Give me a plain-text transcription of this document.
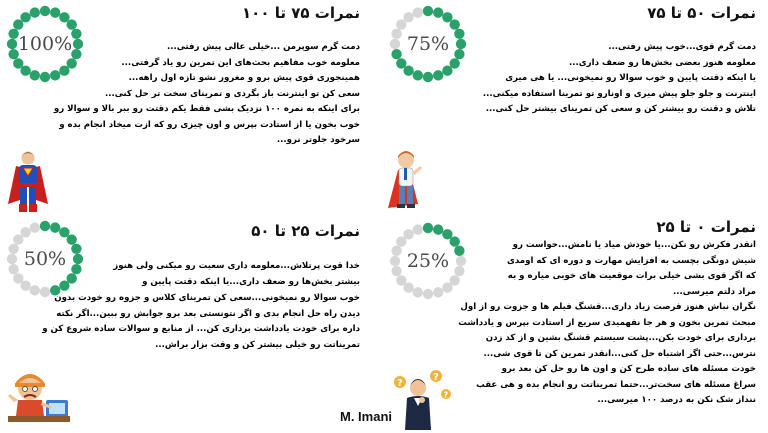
نمرات ۵۰ تا ۷۵
75%	دمت گرم قوی...خوب پیش رفتی...

معلومه هنوز بعضی بخش‌ها رو ضعف داری...

یا اینکه دقتت پایین و خوب سوالا رو نمیخونی... یا هی میری

اینترنت و جلو جلو پیش میری و اونارو تو تمرینا استفاده میکنی...

تلاش و دقتت رو بیشتر کن و سعی کن تمرینای بیشتر حل کنی...

نمرات ۷۵ تا ۱۰۰
100%	دمت گرم سوپرمن ...خیلی عالی پیش رفتی...

معلومه خوب مفاهیم بحث‌های این تمرین رو یاد گرفتی...

همینجوری قوی پیش برو و مغرور نشو تازه اول راهه...

سعی کن تو اینترنت باز بگردی و تمرینای سخت تر حل کنی...

برای اینکه به نمره ۱۰۰ نزدیک بشی فقط یکم دقتت رو ببر بالا و سوالا رو

خوب بخون یا از استادت بپرس و اون چیزی رو که ازت میخاد انجام بده و

سرخود جلوتر نرو...

نمرات ۰ تا ۲۵
25%

انقدر فکرش رو نکن...یا خودش میاد یا نامش...حواست رو

شیش دونگی بچسب به افزایش مهارت و دوره ای که اومدی

که اگر قوی بشی خیلی برات موقعیت های خوبی میاره و به

مراد دلتم میرسی...

نگران نباش هنوز فرصت زیاد داری...قشنگ فیلم ها و جزوت رو از اول

مبحث تمرین بخون و هر جا نفهمیدی سریع از استادت بپرس و یادداشت

برداری برای خودت بکن...پشت سیستم قشنگ بشین و از کد زدن

نترس...حتی اگر اشتباه حل کنی...انقدر تمرین کن تا قوی شی...

خودت مسئله های ساده طرح کن و اون ها رو حل کن بعد برو

سراغ مسئله های سخت‌تر...حتما تمریناتت رو انجام بده و هی عقب

ننداز شک نکن به درصد ۱۰۰ میرسی...

?
?
?
نمرات ۲۵ تا ۵۰
50%	خدا قوت پرتلاش...معلومه داری سعیت رو میکنی ولی هنوز

بیشتر بخش‌ها رو ضعف داری...یا اینکه دقتت پایین و

خوب سوالا رو نمیخونی...سعی کن تمرینای کلاس و جزوه رو خودت بدون

دیدن راه حل انجام بدی و اگر نتونستی بعد برو جوابش رو ببین...اگر نکته

داره برای خودت یادداشت برداری کن... از منابع و سوالات ساده شروع کن و

تمریناتت رو خیلی بیشتر کن و وقت بزار براش...

M. Imani
